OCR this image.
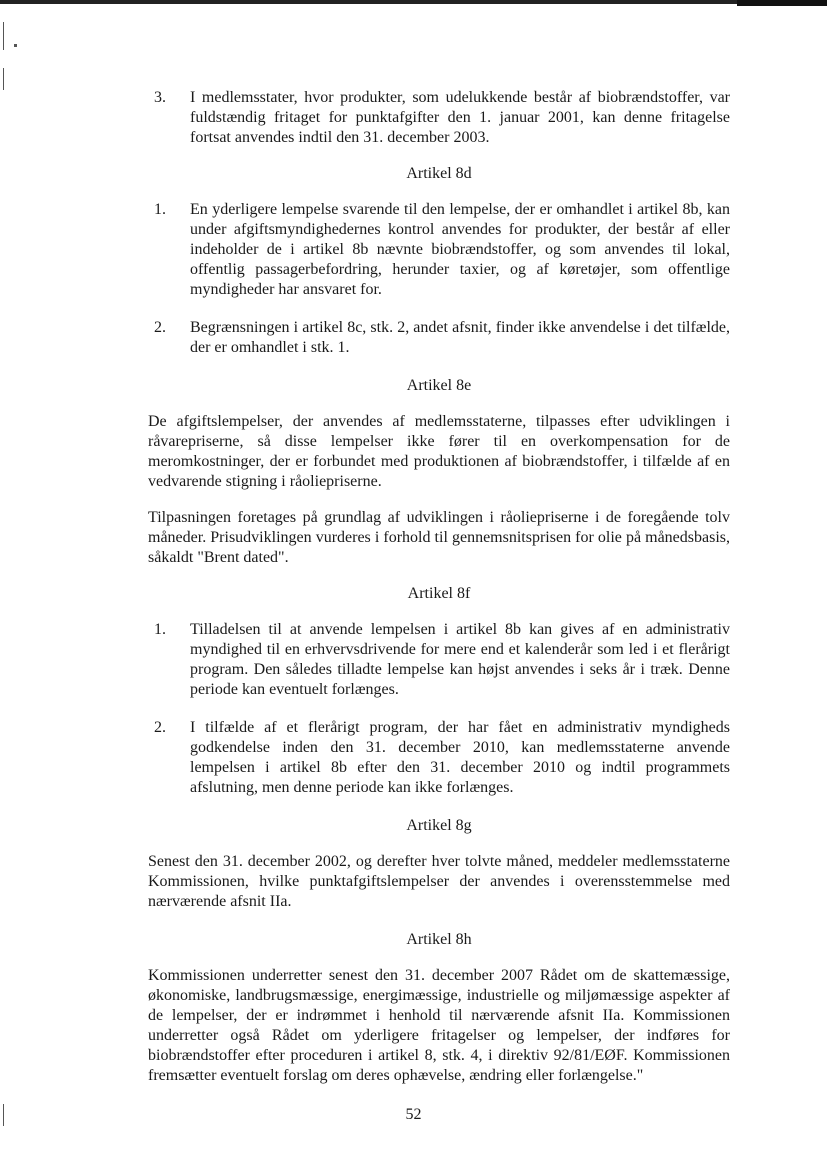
3. I medlemsstater, hvor produkter, som udelukkende består af biobrændstoffer, var fuldstændig fritaget for punktafgifter den 1. januar 2001, kan denne fritagelse fortsat anvendes indtil den 31. december 2003.

Artikel 8d

1. En yderligere lempelse svarende til den lempelse, der er omhandlet i artikel 8b, kan under afgiftsmyndighedernes kontrol anvendes for produkter, der består af eller indeholder de i artikel 8b nævnte biobrændstoffer, og som anvendes til lokal, offentlig passagerbefordring, herunder taxier, og af køretøjer, som offentlige myndigheder har ansvaret for.

2. Begrænsningen i artikel 8c, stk. 2, andet afsnit, finder ikke anvendelse i det tilfælde, der er omhandlet i stk. 1.

Artikel 8e

De afgiftslempelser, der anvendes af medlemsstaterne, tilpasses efter udviklingen i råvarepriserne, så disse lempelser ikke fører til en overkompensation for de meromkostninger, der er forbundet med produktionen af biobrændstoffer, i tilfælde af en vedvarende stigning i råoliepriserne.

Tilpasningen foretages på grundlag af udviklingen i råoliepriserne i de foregående tolv måneder. Prisudviklingen vurderes i forhold til gennemsnitsprisen for olie på månedsbasis, såkaldt "Brent dated".

Artikel 8f

1. Tilladelsen til at anvende lempelsen i artikel 8b kan gives af en administrativ myndighed til en erhvervsdrivende for mere end et kalenderår som led i et flerårigt program. Den således tilladte lempelse kan højst anvendes i seks år i træk. Denne periode kan eventuelt forlænges.

2. I tilfælde af et flerårigt program, der har fået en administrativ myndigheds godkendelse inden den 31. december 2010, kan medlemsstaterne anvende lempelsen i artikel 8b efter den 31. december 2010 og indtil programmets afslutning, men denne periode kan ikke forlænges.

Artikel 8g

Senest den 31. december 2002, og derefter hver tolvte måned, meddeler medlemsstaterne Kommissionen, hvilke punktafgiftslempelser der anvendes i overensstemmelse med nærværende afsnit IIa.

Artikel 8h

Kommissionen underretter senest den 31. december 2007 Rådet om de skattemæssige, økonomiske, landbrugsmæssige, energimæssige, industrielle og miljømæssige aspekter af de lempelser, der er indrømmet i henhold til nærværende afsnit IIa. Kommissionen underretter også Rådet om yderligere fritagelser og lempelser, der indføres for biobrændstoffer efter proceduren i artikel 8, stk. 4, i direktiv 92/81/EØF. Kommissionen fremsætter eventuelt forslag om deres ophævelse, ændring eller forlængelse."

52
